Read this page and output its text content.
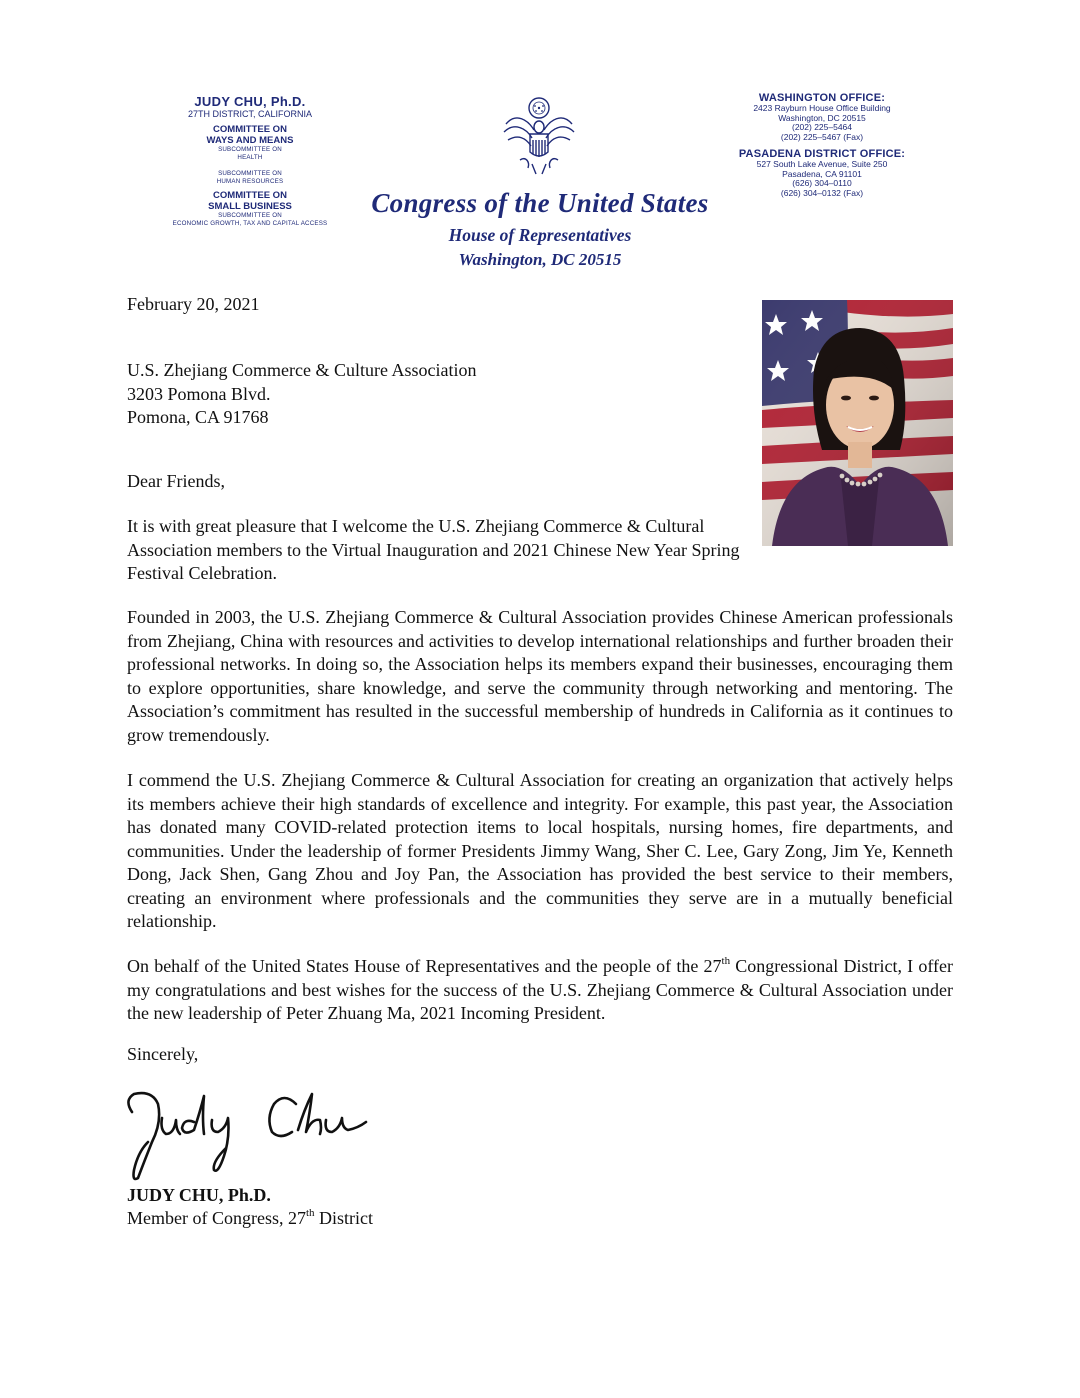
JUDY CHU, Ph.D.
27TH DISTRICT, CALIFORNIA
COMMITTEE ON
WAYS AND MEANS
SUBCOMMITTEE ON
HEALTH
SUBCOMMITTEE ON
HUMAN RESOURCES
COMMITTEE ON
SMALL BUSINESS
SUBCOMMITTEE ON
ECONOMIC GROWTH, TAX AND CAPITAL ACCESS
Congress of the United States
House of Representatives
Washington, DC 20515
WASHINGTON OFFICE:
2423 Rayburn House Office Building
Washington, DC 20515
(202) 225–5464
(202) 225–5467 (Fax)
PASADENA DISTRICT OFFICE:
527 South Lake Avenue, Suite 250
Pasadena, CA 91101
(626) 304–0110
(626) 304–0132 (Fax)
February 20, 2021
U.S. Zhejiang Commerce & Culture Association
3203 Pomona Blvd.
Pomona, CA 91768
Dear Friends,
It is with great pleasure that I welcome the U.S. Zhejiang Commerce & Cultural Association members to the Virtual Inauguration and 2021 Chinese New Year Spring Festival Celebration.
Founded in 2003, the U.S. Zhejiang Commerce & Cultural Association provides Chinese American professionals from Zhejiang, China with resources and activities to develop international relationships and further broaden their professional networks. In doing so, the Association helps its members expand their businesses, encouraging them to explore opportunities, share knowledge, and serve the community through networking and mentoring. The Association’s commitment has resulted in the successful membership of hundreds in California as it continues to grow tremendously.
I commend the U.S. Zhejiang Commerce & Cultural Association for creating an organization that actively helps its members achieve their high standards of excellence and integrity. For example, this past year, the Association has donated many COVID-related protection items to local hospitals, nursing homes, fire departments, and communities. Under the leadership of former Presidents Jimmy Wang, Sher C. Lee, Gary Zong, Jim Ye, Kenneth Dong, Jack Shen, Gang Zhou and Joy Pan, the Association has provided the best service to their members, creating an environment where professionals and the communities they serve are in a mutually beneficial relationship.
On behalf of the United States House of Representatives and the people of the 27th Congressional District, I offer my congratulations and best wishes for the success of the U.S. Zhejiang Commerce & Cultural Association under the new leadership of Peter Zhuang Ma, 2021 Incoming President.
Sincerely,
JUDY CHU, Ph.D.
Member of Congress, 27th District
